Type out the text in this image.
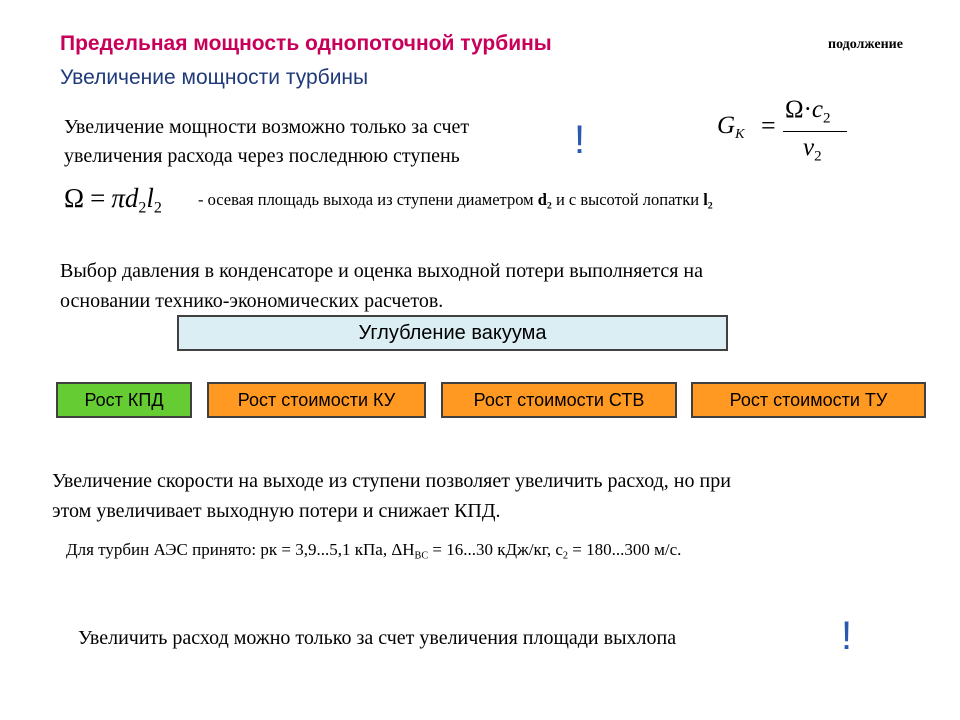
Предельная мощность однопоточной турбины
Увеличение мощности турбины
подолжение
Увеличение мощности возможно только за счет
увеличения расхода через последнюю ступень	!	$G_К$ =
$\Omega\cdot c_2$
$v_2$
$\Omega = \pi d_2l_2$ - осевая площадь выхода из ступени диаметром $d_2$ и с высотой лопатки $l_2$
Выбор давления в конденсаторе и оценка выходной потери выполняется на
основании технико-экономических расчетов.
Углубление вакуума
Рост КПД	Рост стоимости КУ	Рост стоимости СТВ	Рост стоимости ТУ
Увеличение скорости на выходе из ступени позволяет увеличить расход, но при
этом увеличивает выходную потери и снижает КПД.
Для турбин АЭС принято: рк = 3,9...5,1 кПа, $\Delta Н_{ВС} = 16...30$ кДж/кг, $с_2 = 180...300$ м/с.
Увеличить расход можно только за счет увеличения площади выхлопа	!
